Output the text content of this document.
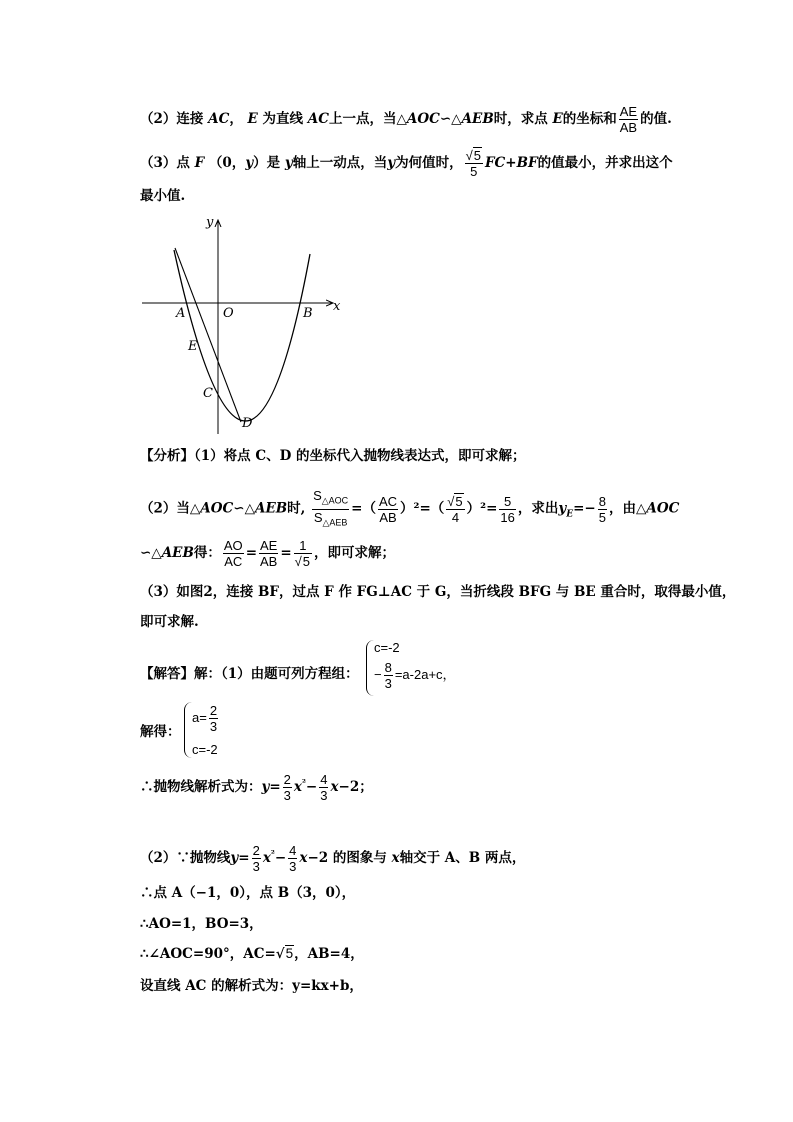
（2）连接 AC， E 为直线 AC上一点，当△AOC∽△AEB时，求点 E的坐标和 $\frac{AE}{AB}$ 的值.
（3）点 F （0，y）是 y轴上一动点，当y为何值时， $\frac{√5}{5} FC+BF$的值最小，并求出这个
最小值.
x
y
A	O	B
E
C
D
【分析】（1）将点 C、D 的坐标代入抛物线表达式，即可求解；
（2）当△AOC∽△AEB时, $\frac{S_{\triangle AOC}}{S_{\triangle AEB}}$ =（ $\frac{AC}{AB} )^2=( \frac{√5}{4} )^2= \frac{5}{16}$ ，求出$y_E=- \frac{8}{5}$ ，由△AOC
∽△AEB得： $\frac{AO}{AC} = \frac{AE}{AB} = \frac{1}{√5}$ ，即可求解；
（3）如图2，连接 BF，过点 F 作 FG⊥AC 于 G，当折线段 BFG 与 BE 重合时，取得最小值，
即可求解.
【解答】解：（1）由题可列方程组：
c=-2
− $\frac{8}{3} =a-2a+c$，
解得：
$a= \frac{2}{3}$
c=-2
∴抛物线解析式为：$y= \frac{2}{3} x^{^2}- \frac{4}{3} x-2$；
（2）∵抛物线$y= \frac{2}{3} x^{^2}- \frac{4}{3} x-2$ 的图象与 x轴交于 A、B 两点，
∴点 A（−1，0），点 B（3，0），
∴AO=1，BO=3，
∴∠AOC=90°，AC=√5，AB=4，
设直线 AC 的解析式为：y=kx+b，
